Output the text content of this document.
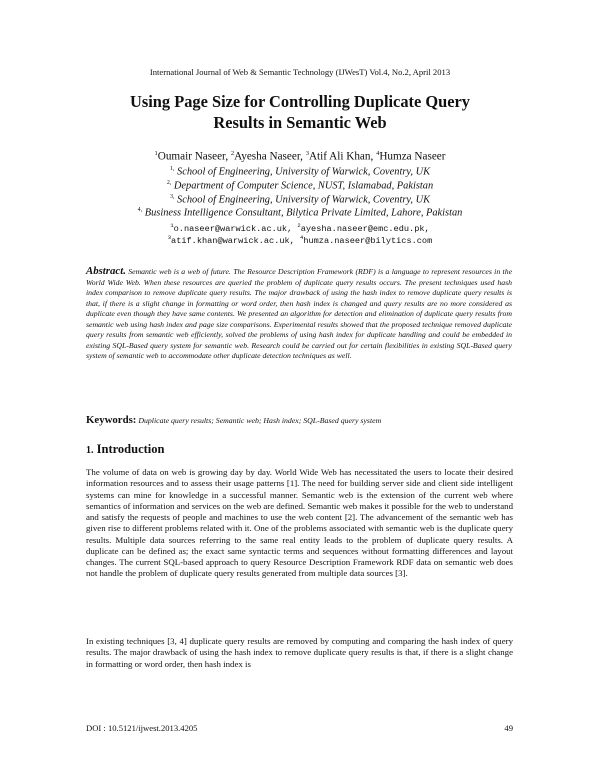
International Journal of Web & Semantic Technology (IJWesT) Vol.4, No.2, April 2013
Using Page Size for Controlling Duplicate Query
Results in Semantic Web
$^1$Oumair Naseer, $^2$Ayesha Naseer, $^3$Atif Ali Khan, $^4$Humza Naseer
$^{1,}$ School of Engineering, University of Warwick, Coventry, UK
$^{2,}$ Department of Computer Science, NUST, Islamabad, Pakistan
$^{3,}$ School of Engineering, University of Warwick, Coventry, UK
$^{4,}$ Business Intelligence Consultant, Bilytica Private Limited, Lahore, Pakistan
$^1$o.naseer@warwick.ac.uk, $^2$ayesha.naseer@emc.edu.pk,
$^3$atif.khan@warwick.ac.uk, $^4$humza.naseer@bilytics.com
Abstract. Semantic web is a web of future. The Resource Description Framework (RDF) is a language to represent resources in the World Wide Web. When these resources are queried the problem of duplicate query results occurs. The present techniques used hash index comparison to remove duplicate query results. The major drawback of using the hash index to remove duplicate query results is that, if there is a slight change in formatting or word order, then hash index is changed and query results are no more considered as duplicate even though they have same contents. We presented an algorithm for detection and elimination of duplicate query results from semantic web using hash index and page size comparisons. Experimental results showed that the proposed technique removed duplicate query results from semantic web efficiently, solved the problems of using hash index for duplicate handling and could be embedded in existing SQL-Based query system for semantic web. Research could be carried out for certain flexibilities in existing SQL-Based query system of semantic web to accommodate other duplicate detection techniques as well.
Keywords: Duplicate query results; Semantic web; Hash index; SQL-Based query system
1. Introduction
The volume of data on web is growing day by day. World Wide Web has necessitated the users to locate their desired information resources and to assess their usage patterns [1]. The need for building server side and client side intelligent systems can mine for knowledge in a successful manner. Semantic web is the extension of the current web where semantics of information and services on the web are defined. Semantic web makes it possible for the web to understand and satisfy the requests of people and machines to use the web content [2]. The advancement of the semantic web has given rise to different problems related with it. One of the problems associated with semantic web is the duplicate query results. Multiple data sources referring to the same real entity leads to the problem of duplicate query results. A duplicate can be defined as; the exact same syntactic terms and sequences without formatting differences and layout changes. The current SQL-based approach to query Resource Description Framework RDF data on semantic web does not handle the problem of duplicate query results generated from multiple data sources [3].
In existing techniques [3, 4] duplicate query results are removed by computing and comparing the hash index of query results. The major drawback of using the hash index to remove duplicate query results is that, if there is a slight change in formatting or word order, then hash index is
DOI : 10.5121/ijwest.2013.4205	49
